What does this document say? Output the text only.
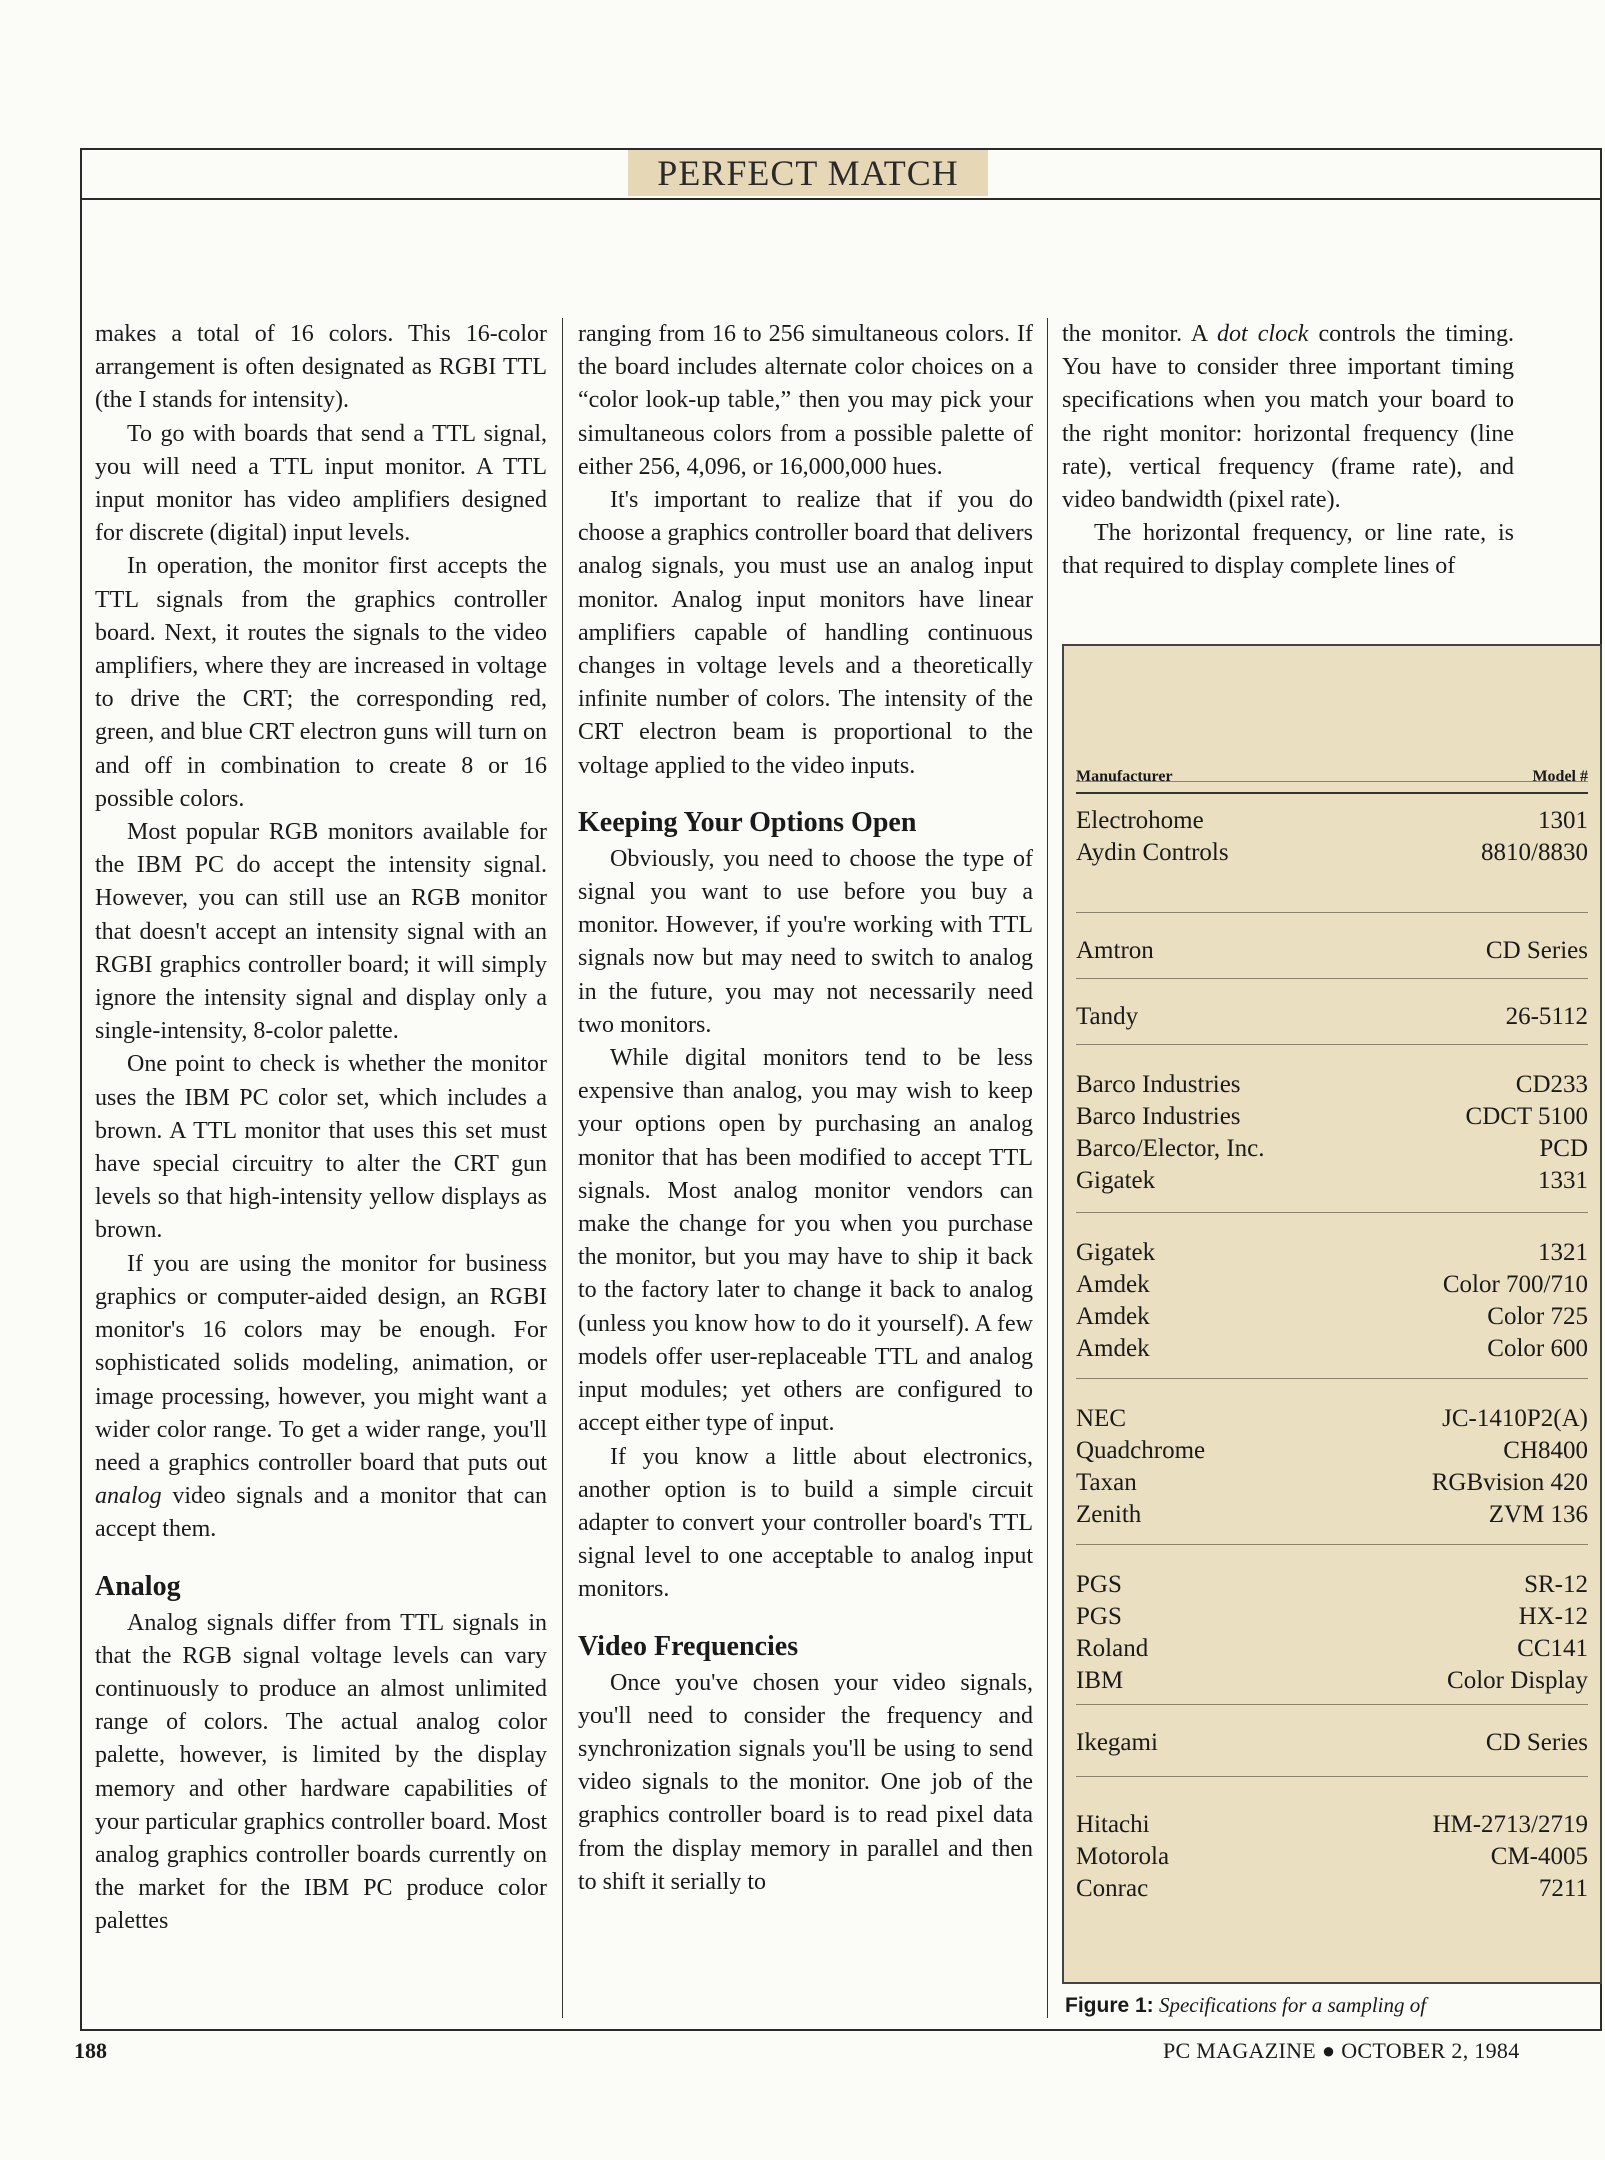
PERFECT MATCH

makes a total of 16 colors. This 16-color arrangement is often designated as RGBI TTL (the I stands for intensity).

To go with boards that send a TTL signal, you will need a TTL input monitor. A TTL input monitor has video amplifiers designed for discrete (digital) input levels.

In operation, the monitor first accepts the TTL signals from the graphics controller board. Next, it routes the signals to the video amplifiers, where they are increased in voltage to drive the CRT; the corresponding red, green, and blue CRT electron guns will turn on and off in combination to create 8 or 16 possible colors.

Most popular RGB monitors available for the IBM PC do accept the intensity signal. However, you can still use an RGB monitor that doesn't accept an intensity signal with an RGBI graphics controller board; it will simply ignore the intensity signal and display only a single-intensity, 8-color palette.

One point to check is whether the monitor uses the IBM PC color set, which includes a brown. A TTL monitor that uses this set must have special circuitry to alter the CRT gun levels so that high-intensity yellow displays as brown.

If you are using the monitor for business graphics or computer-aided design, an RGBI monitor's 16 colors may be enough. For sophisticated solids modeling, animation, or image processing, however, you might want a wider color range. To get a wider range, you'll need a graphics controller board that puts out analog video signals and a monitor that can accept them.

Analog

Analog signals differ from TTL signals in that the RGB signal voltage levels can vary continuously to produce an almost unlimited range of colors. The actual analog color palette, however, is limited by the display memory and other hardware capabilities of your particular graphics controller board. Most analog graphics controller boards currently on the market for the IBM PC produce color palettes

ranging from 16 to 256 simultaneous colors. If the board includes alternate color choices on a “color look-up table,” then you may pick your simultaneous colors from a possible palette of either 256, 4,096, or 16,000,000 hues.

It's important to realize that if you do choose a graphics controller board that delivers analog signals, you must use an analog input monitor. Analog input monitors have linear amplifiers capable of handling continuous changes in voltage levels and a theoretically infinite number of colors. The intensity of the CRT electron beam is proportional to the voltage applied to the video inputs.

Keeping Your Options Open

Obviously, you need to choose the type of signal you want to use before you buy a monitor. However, if you're working with TTL signals now but may need to switch to analog in the future, you may not necessarily need two monitors.

While digital monitors tend to be less expensive than analog, you may wish to keep your options open by purchasing an analog monitor that has been modified to accept TTL signals. Most analog monitor vendors can make the change for you when you purchase the monitor, but you may have to ship it back to the factory later to change it back to analog (unless you know how to do it yourself). A few models offer user-replaceable TTL and analog input modules; yet others are configured to accept either type of input.

If you know a little about electronics, another option is to build a simple circuit adapter to convert your controller board's TTL signal level to one acceptable to analog input monitors.

Video Frequencies

Once you've chosen your video signals, you'll need to consider the frequency and synchronization signals you'll be using to send video signals to the monitor. One job of the graphics controller board is to read pixel data from the display memory in parallel and then to shift it serially to

the monitor. A dot clock controls the timing. You have to consider three important timing specifications when you match your board to the right monitor: horizontal frequency (line rate), vertical frequency (frame rate), and video bandwidth (pixel rate).

The horizontal frequency, or line rate, is that required to display complete lines of

Manufacturer	Model #
Electrohome	1301
Aydin Controls	8810/8830
Amtron	CD Series
Tandy	26-5112
Barco Industries	CD233
Barco Industries	CDCT 5100
Barco/Elector, Inc.	PCD
Gigatek	1331
Gigatek	1321
Amdek	Color 700/710
Amdek	Color 725
Amdek	Color 600
NEC	JC-1410P2(A)
Quadchrome	CH8400
Taxan	RGBvision 420
Zenith	ZVM 136
PGS	SR-12
PGS	HX-12
Roland	CC141
IBM	Color Display
Ikegami	CD Series
Hitachi	HM-2713/2719
Motorola	CM-4005
Conrac	7211
Figure 1: Specifications for a sampling of
188	PC MAGAZINE ● OCTOBER 2, 1984
